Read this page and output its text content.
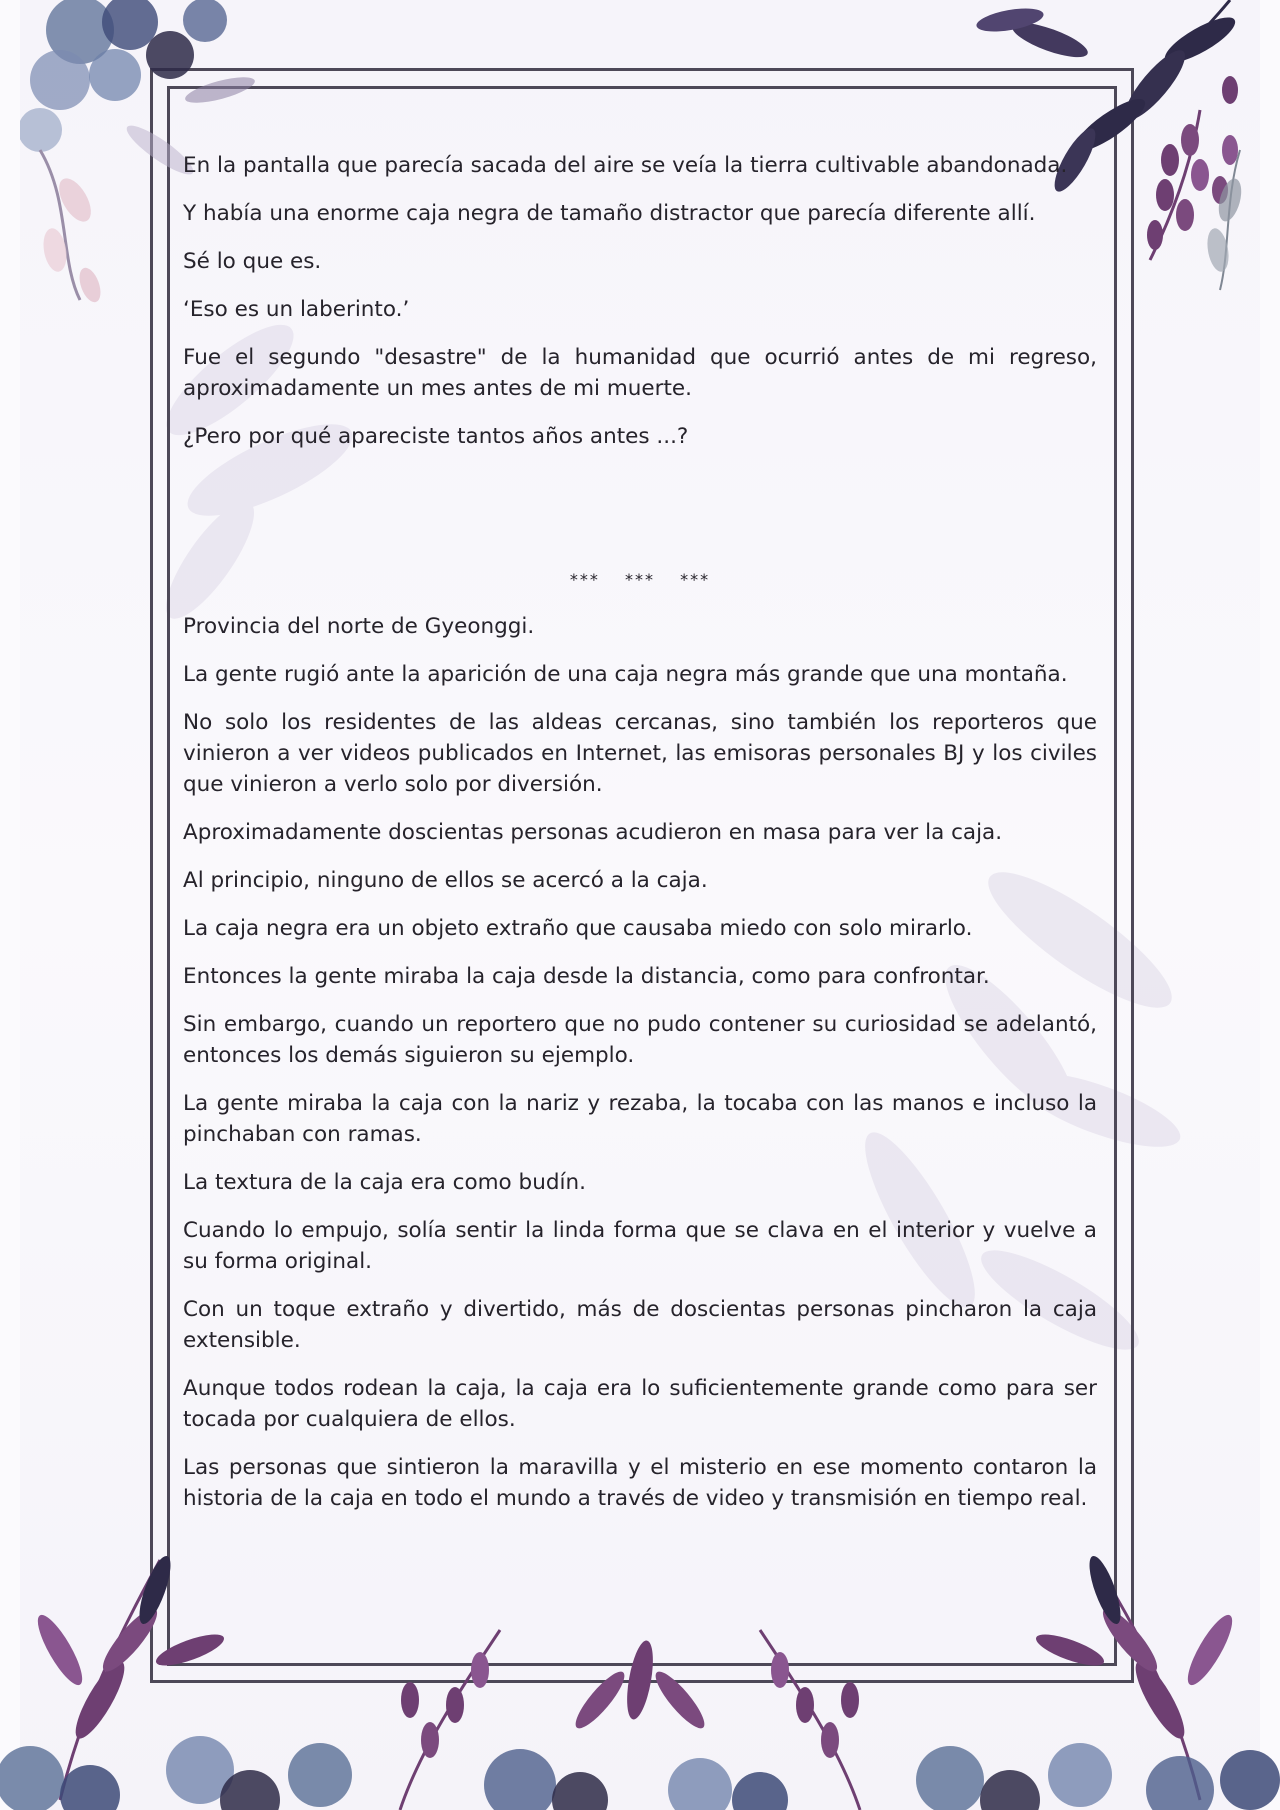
En la pantalla que parecía sacada del aire se veía la tierra cultivable abandonada.

Y había una enorme caja negra de tamaño distractor que parecía diferente allí.

Sé lo que es.

‘Eso es un laberinto.’

Fue el segundo "desastre" de la humanidad que ocurrió antes de mi regreso, aproximadamente un mes antes de mi muerte.

¿Pero por qué apareciste tantos años antes ...?

*** *** ***

Provincia del norte de Gyeonggi.

La gente rugió ante la aparición de una caja negra más grande que una montaña.

No solo los residentes de las aldeas cercanas, sino también los reporteros que vinieron a ver videos publicados en Internet, las emisoras personales BJ y los civiles que vinieron a verlo solo por diversión.

Aproximadamente doscientas personas acudieron en masa para ver la caja.

Al principio, ninguno de ellos se acercó a la caja.

La caja negra era un objeto extraño que causaba miedo con solo mirarlo.

Entonces la gente miraba la caja desde la distancia, como para confrontar.

Sin embargo, cuando un reportero que no pudo contener su curiosidad se adelantó, entonces los demás siguieron su ejemplo.

La gente miraba la caja con la nariz y rezaba, la tocaba con las manos e incluso la pinchaban con ramas.

La textura de la caja era como budín.

Cuando lo empujo, solía sentir la linda forma que se clava en el interior y vuelve a su forma original.

Con un toque extraño y divertido, más de doscientas personas pincharon la caja extensible.

Aunque todos rodean la caja, la caja era lo suficientemente grande como para ser tocada por cualquiera de ellos.

Las personas que sintieron la maravilla y el misterio en ese momento contaron la historia de la caja en todo el mundo a través de video y transmisión en tiempo real.
